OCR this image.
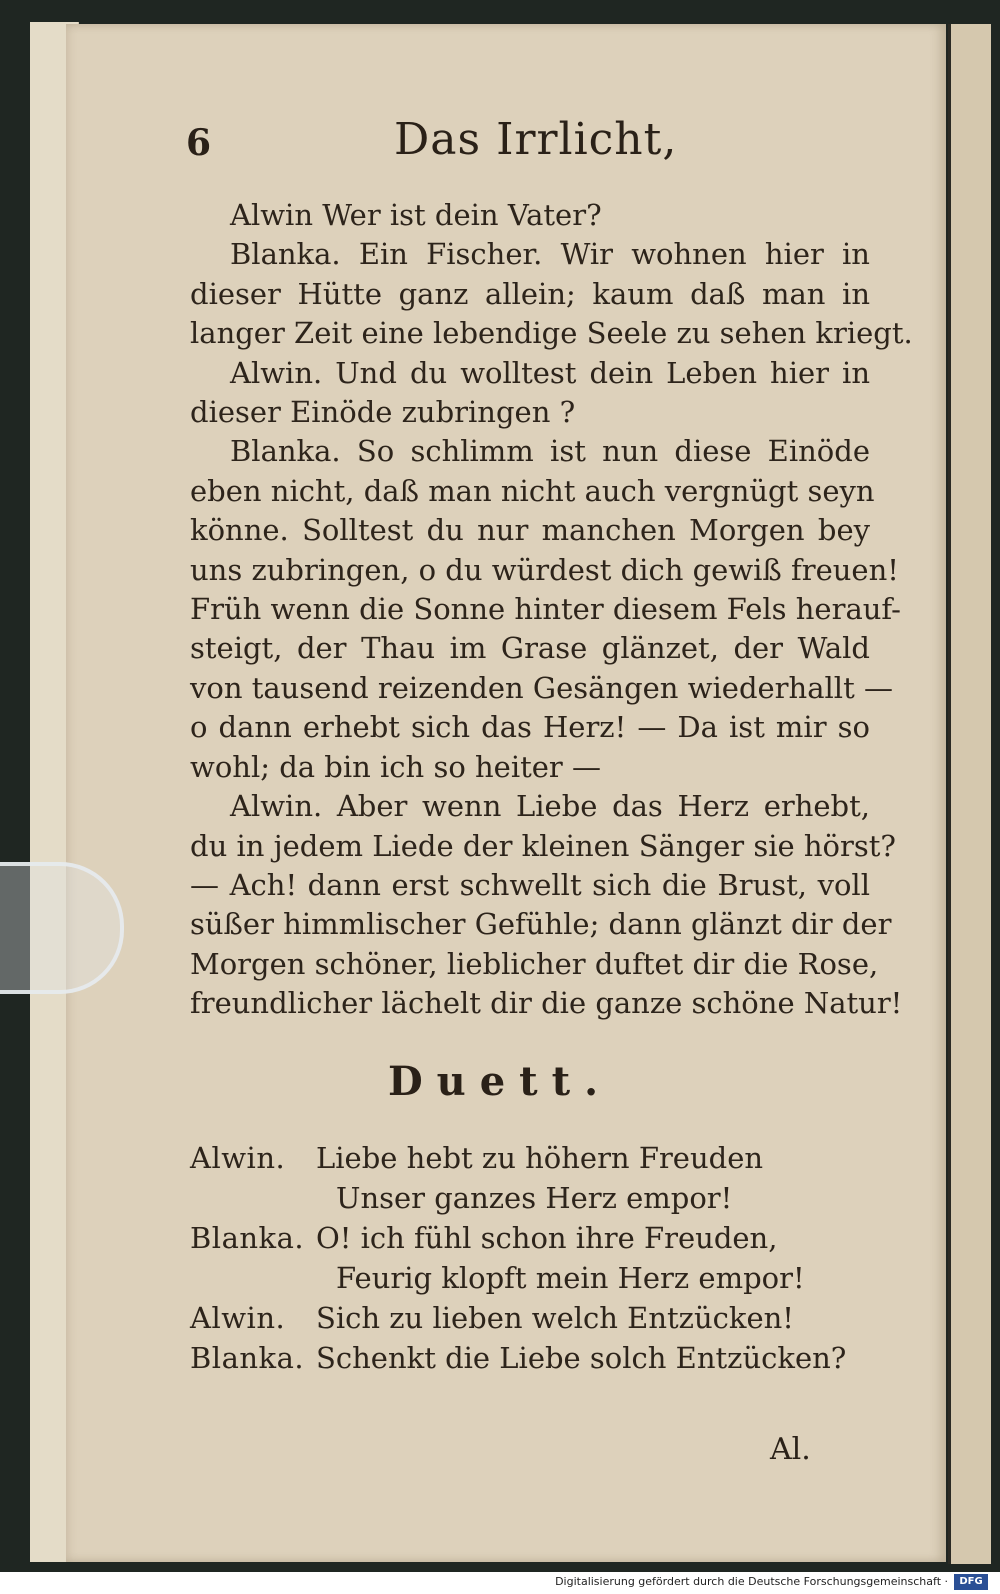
6	Das Irrlicht,
Alwin Wer ist dein Vater?
Blanka. Ein Fischer. Wir wohnen hier in
dieser Hütte ganz allein; kaum daß man in
langer Zeit eine lebendige Seele zu sehen kriegt.
Alwin. Und du wolltest dein Leben hier in
dieser Einöde zubringen ?
Blanka. So schlimm ist nun diese Einöde
eben nicht, daß man nicht auch vergnügt seyn
könne. Solltest du nur manchen Morgen bey
uns zubringen, o du würdest dich gewiß freuen!
Früh wenn die Sonne hinter diesem Fels herauf-
steigt, der Thau im Grase glänzet, der Wald
von tausend reizenden Gesängen wiederhallt —
o dann erhebt sich das Herz! — Da ist mir so
wohl; da bin ich so heiter —
Alwin. Aber wenn Liebe das Herz erhebt,
du in jedem Liede der kleinen Sänger sie hörst?
— Ach! dann erst schwellt sich die Brust, voll
süßer himmlischer Gefühle; dann glänzt dir der
Morgen schöner, lieblicher duftet dir die Rose,
freundlicher lächelt dir die ganze schöne Natur!
Duett.
Alwin. Liebe hebt zu höhern Freuden
Unser ganzes Herz empor!
Blanka. O! ich fühl schon ihre Freuden,
Feurig klopft mein Herz empor!
Alwin. Sich zu lieben welch Entzücken!
Blanka. Schenkt die Liebe solch Entzücken?
Al.
Digitalisierung gefördert durch die Deutsche Forschungsgemeinschaft ·	DFG
